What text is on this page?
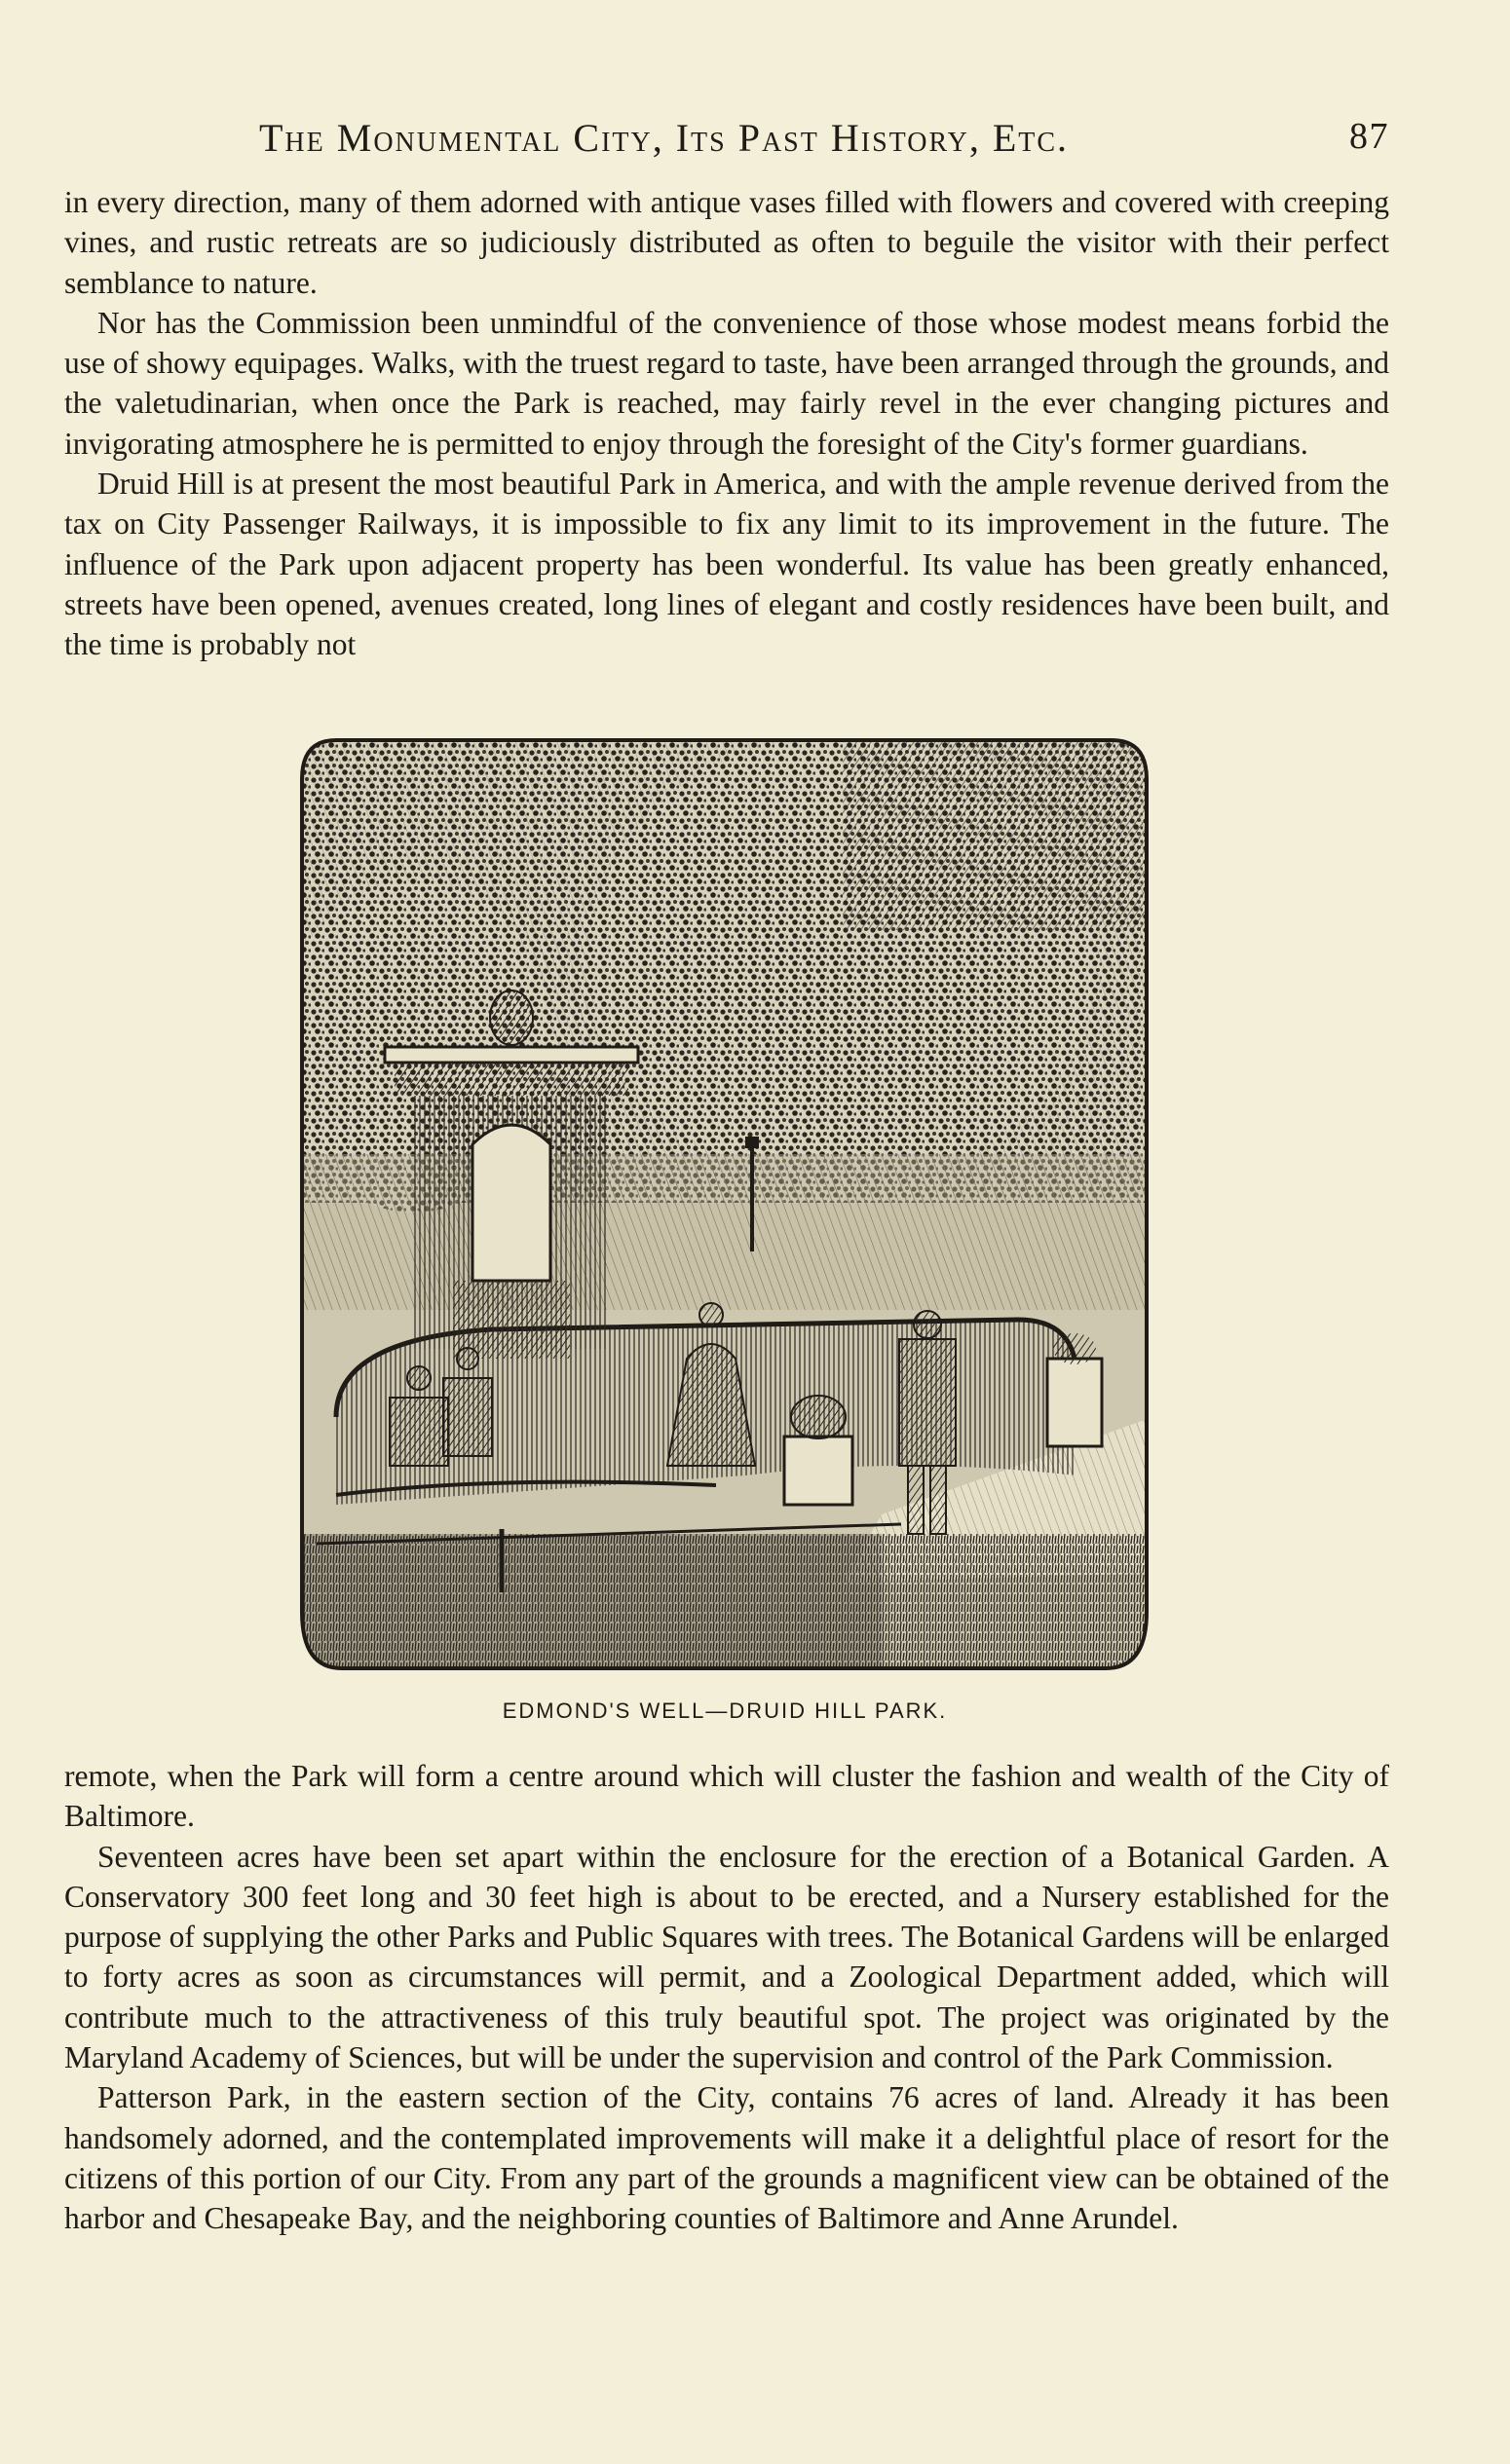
The Monumental City, Its Past History, Etc.	87

in every direction, many of them adorned with antique vases filled with flowers and covered with creeping vines, and rustic retreats are so judiciously distributed as often to beguile the visitor with their perfect semblance to nature.

Nor has the Commission been unmindful of the convenience of those whose modest means forbid the use of showy equipages. Walks, with the truest regard to taste, have been arranged through the grounds, and the valetudinarian, when once the Park is reached, may fairly revel in the ever changing pictures and invigorating atmosphere he is permitted to enjoy through the foresight of the City's former guardians.

Druid Hill is at present the most beautiful Park in America, and with the ample revenue derived from the tax on City Passenger Railways, it is impossible to fix any limit to its improvement in the future. The influence of the Park upon adjacent property has been wonderful. Its value has been greatly enhanced, streets have been opened, avenues created, long lines of elegant and costly residences have been built, and the time is probably not

EDMOND'S WELL—DRUID HILL PARK.

remote, when the Park will form a centre around which will cluster the fashion and wealth of the City of Baltimore.

Seventeen acres have been set apart within the enclosure for the erection of a Botanical Garden. A Conservatory 300 feet long and 30 feet high is about to be erected, and a Nursery established for the purpose of supplying the other Parks and Public Squares with trees. The Botanical Gardens will be enlarged to forty acres as soon as circumstances will permit, and a Zoological Department added, which will contribute much to the attractiveness of this truly beautiful spot. The project was originated by the Maryland Academy of Sciences, but will be under the supervision and control of the Park Commission.

Patterson Park, in the eastern section of the City, contains 76 acres of land. Already it has been handsomely adorned, and the contemplated improvements will make it a delightful place of resort for the citizens of this portion of our City. From any part of the grounds a magnificent view can be obtained of the harbor and Chesapeake Bay, and the neighboring counties of Baltimore and Anne Arundel.
